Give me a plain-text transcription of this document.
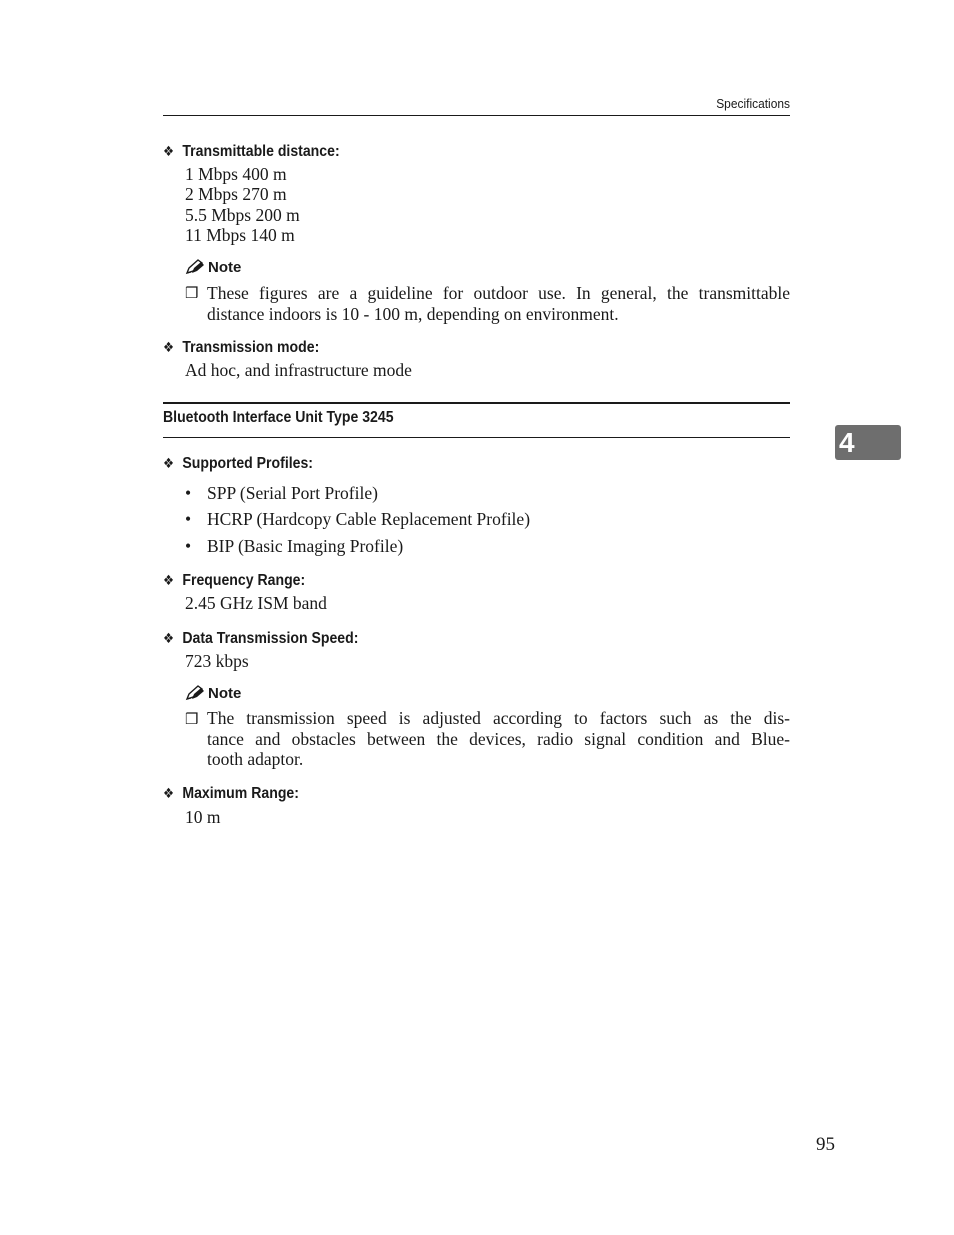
Specifications
❖ Transmittable distance:
1 Mbps 400 m
2 Mbps 270 m
5.5 Mbps 200 m
11 Mbps 140 m
Note
❒ These figures are a guideline for outdoor use. In general, the transmittable
distance indoors is 10 - 100 m, depending on environment.
❖ Transmission mode:
Ad hoc, and infrastructure mode
Bluetooth Interface Unit Type 3245
4
❖ Supported Profiles:
• SPP (Serial Port Profile)
• HCRP (Hardcopy Cable Replacement Profile)
• BIP (Basic Imaging Profile)
❖ Frequency Range:
2.45 GHz ISM band
❖ Data Transmission Speed:
723 kbps
Note
❒ The transmission speed is adjusted according to factors such as the dis-
tance and obstacles between the devices, radio signal condition and Blue-
tooth adaptor.
❖ Maximum Range:
10 m
95
